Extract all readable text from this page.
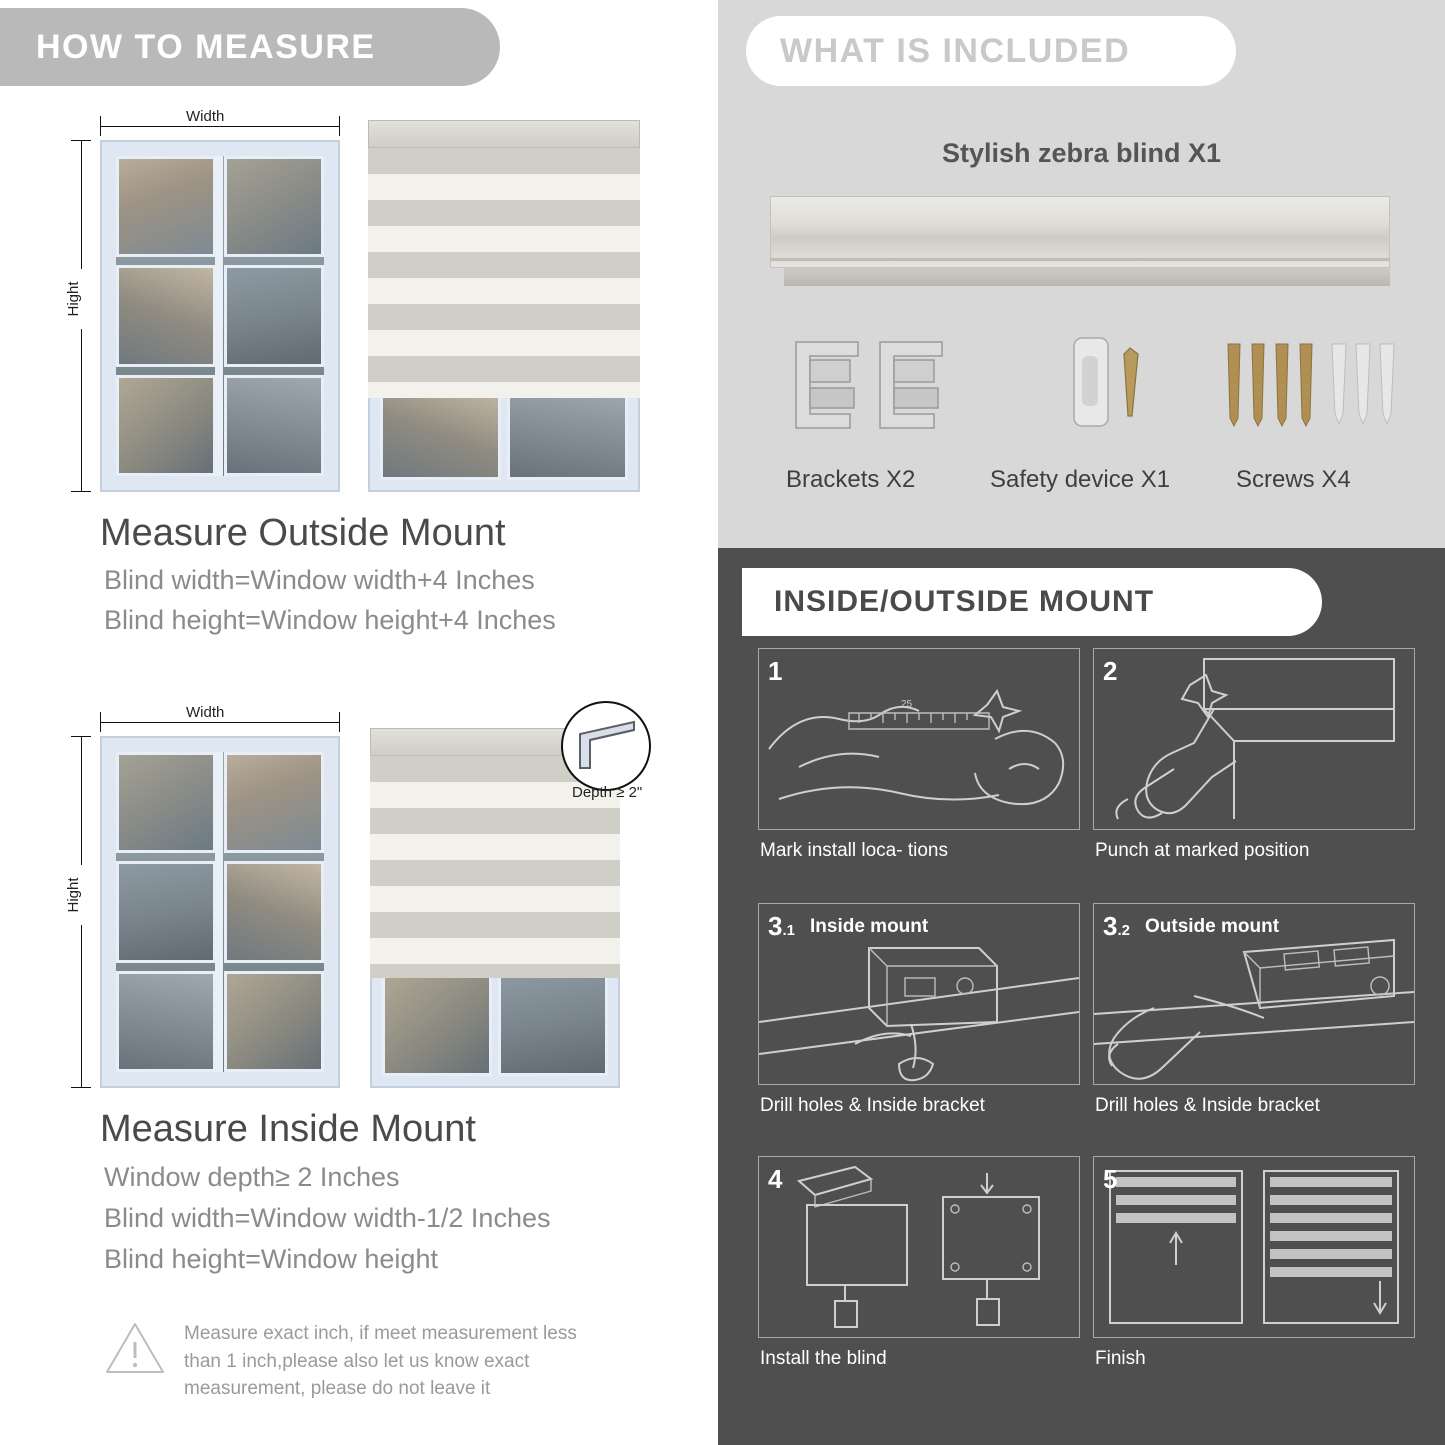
HOW TO MEASURE
Width
Hight
Measure Outside Mount
Blind width=Window width+4 Inches
Blind height=Window height+4 Inches
Width
Hight
Depth ≥ 2"
Measure Inside Mount
Window depth≥ 2 Inches
Blind width=Window width-1/2 Inches
Blind height=Window height
Measure exact inch, if meet measurement less
than 1 inch,please also let us know exact
measurement, please do not leave it
WHAT IS INCLUDED
Stylish zebra blind X1
Brackets X2	Safety device X1	Screws X4
INSIDE/OUTSIDE MOUNT
25
1
Mark install loca- tions
2
Punch at marked position
3.1 Inside mount
Drill holes & Inside bracket
3.2 Outside mount
Drill holes & Inside bracket
4
Install the blind
5
Finish
